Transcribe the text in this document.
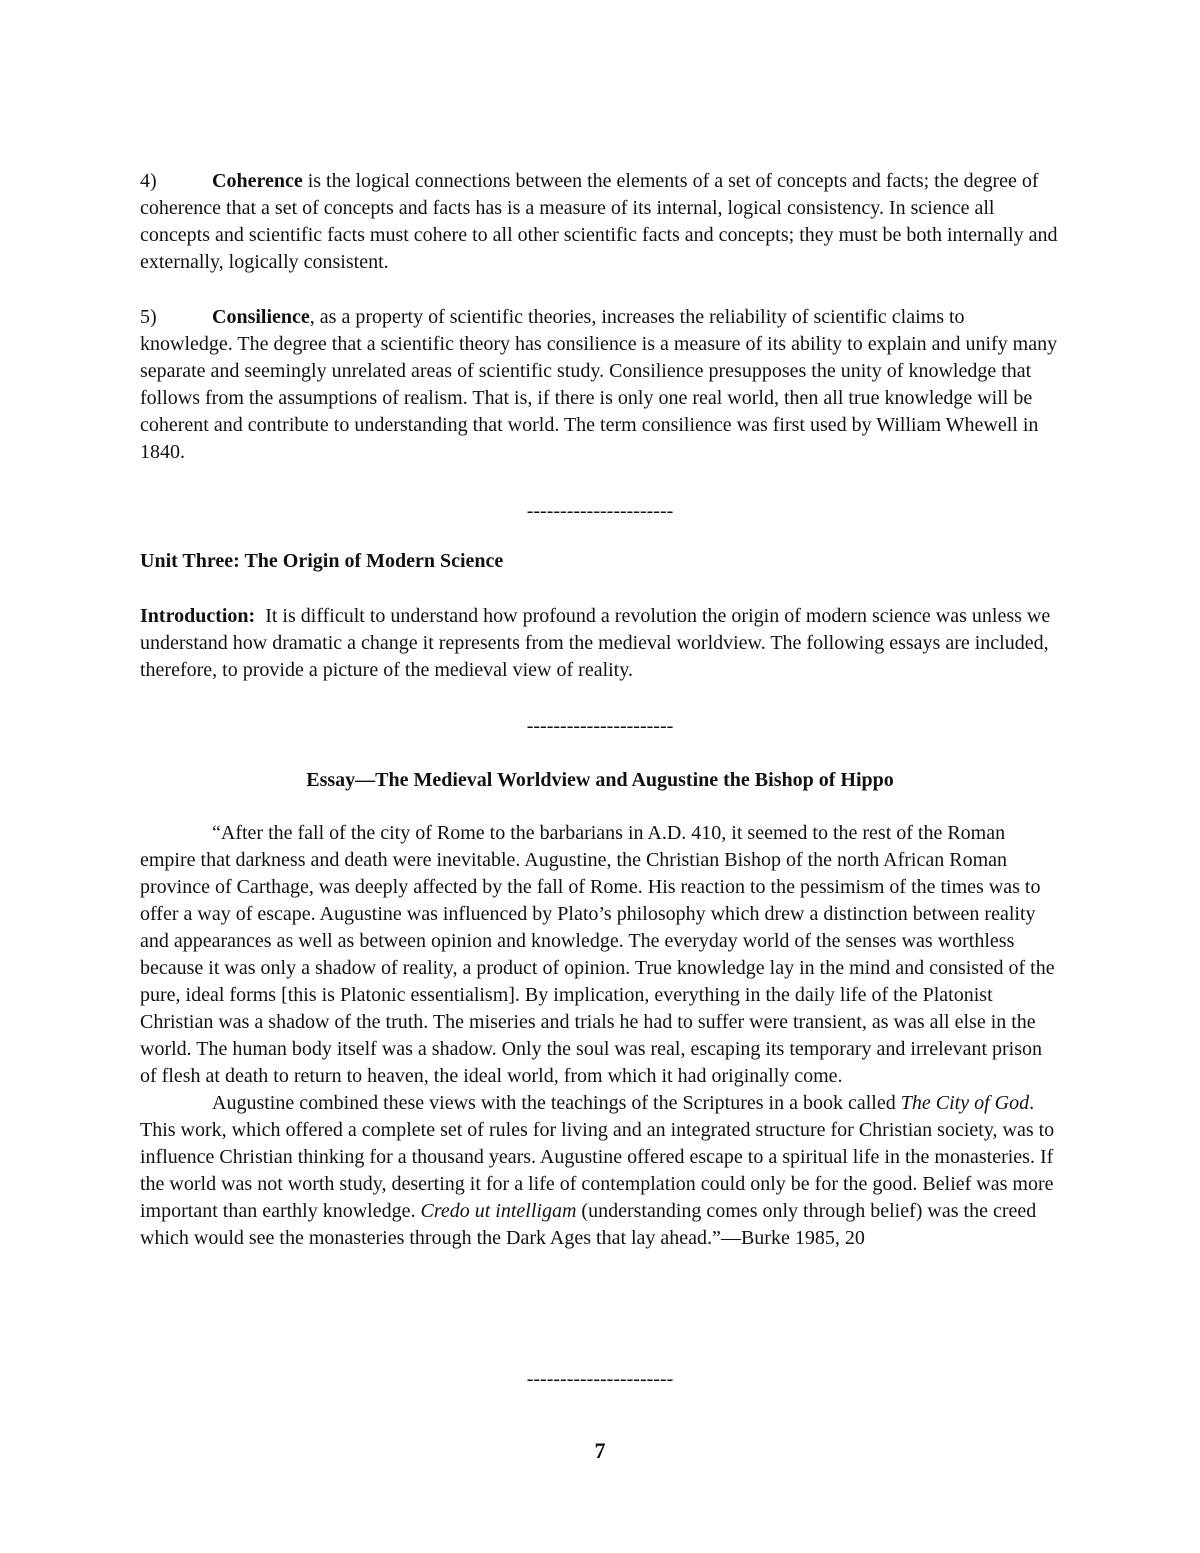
4)	Coherence is the logical connections between the elements of a set of concepts and facts; the degree of coherence that a set of concepts and facts has is a measure of its internal, logical consistency. In science all concepts and scientific facts must cohere to all other scientific facts and concepts; they must be both internally and externally, logically consistent.

5)	Consilience, as a property of scientific theories, increases the reliability of scientific claims to knowledge. The degree that a scientific theory has consilience is a measure of its ability to explain and unify many separate and seemingly unrelated areas of scientific study. Consilience presupposes the unity of knowledge that follows from the assumptions of realism. That is, if there is only one real world, then all true knowledge will be coherent and contribute to understanding that world. The term consilience was first used by William Whewell in 1840.

----------------------

Unit Three: The Origin of Modern Science

Introduction:  It is difficult to understand how profound a revolution the origin of modern science was unless we understand how dramatic a change it represents from the medieval worldview. The following essays are included, therefore, to provide a picture of the medieval view of reality.

----------------------

Essay—The Medieval Worldview and Augustine the Bishop of Hippo

“After the fall of the city of Rome to the barbarians in A.D. 410, it seemed to the rest of the Roman empire that darkness and death were inevitable. Augustine, the Christian Bishop of the north African Roman province of Carthage, was deeply affected by the fall of Rome. His reaction to the pessimism of the times was to offer a way of escape. Augustine was influenced by Plato’s philosophy which drew a distinction between reality and appearances as well as between opinion and knowledge. The everyday world of the senses was worthless because it was only a shadow of reality, a product of opinion. True knowledge lay in the mind and consisted of the pure, ideal forms [this is Platonic essentialism]. By implication, everything in the daily life of the Platonist Christian was a shadow of the truth. The miseries and trials he had to suffer were transient, as was all else in the world. The human body itself was a shadow. Only the soul was real, escaping its temporary and irrelevant prison of flesh at death to return to heaven, the ideal world, from which it had originally come.

Augustine combined these views with the teachings of the Scriptures in a book called The City of God. This work, which offered a complete set of rules for living and an integrated structure for Christian society, was to influence Christian thinking for a thousand years. Augustine offered escape to a spiritual life in the monasteries. If the world was not worth study, deserting it for a life of contemplation could only be for the good. Belief was more important than earthly knowledge. Credo ut intelligam (understanding comes only through belief) was the creed which would see the monasteries through the Dark Ages that lay ahead.”—Burke 1985, 20

----------------------
7
